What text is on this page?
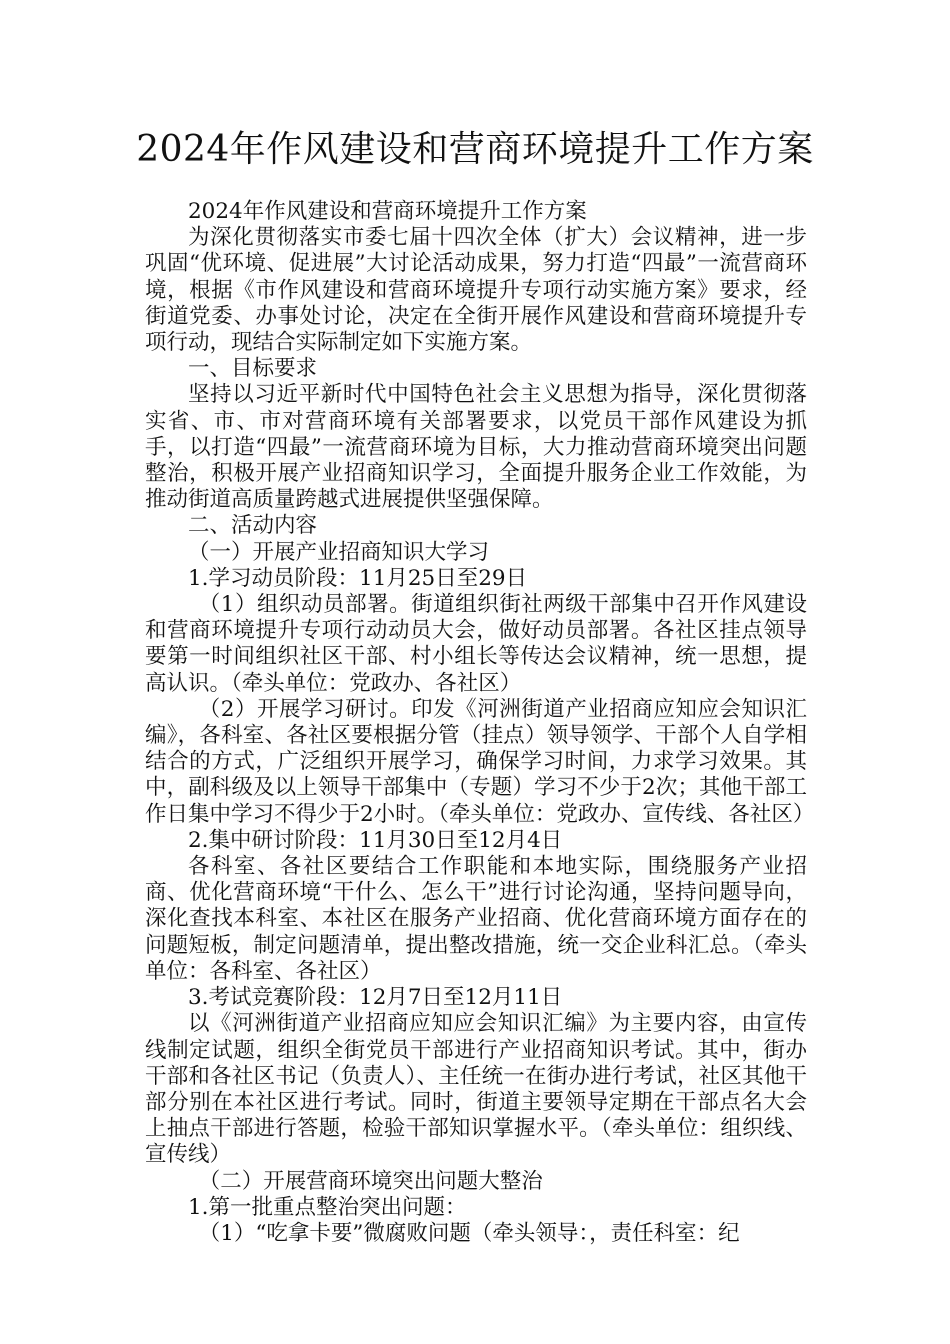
2024年作风建设和营商环境提升工作方案

2024年作风建设和营商环境提升工作方案

为深化贯彻落实市委七届十四次全体（扩大）会议精神，进一步巩固“优环境、促进展”大讨论活动成果，努力打造“四最”一流营商环境，根据《市作风建设和营商环境提升专项行动实施方案》要求，经街道党委、办事处讨论，决定在全街开展作风建设和营商环境提升专项行动，现结合实际制定如下实施方案。

一、目标要求

坚持以习近平新时代中国特色社会主义思想为指导，深化贯彻落实省、市、市对营商环境有关部署要求，以党员干部作风建设为抓手，以打造“四最”一流营商环境为目标，大力推动营商环境突出问题整治，积极开展产业招商知识学习，全面提升服务企业工作效能，为推动街道高质量跨越式进展提供坚强保障。

二、活动内容

（一）开展产业招商知识大学习

1.学习动员阶段：11月25日至29日

（1）组织动员部署。街道组织街社两级干部集中召开作风建设和营商环境提升专项行动动员大会，做好动员部署。各社区挂点领导要第一时间组织社区干部、村小组长等传达会议精神，统一思想，提高认识。（牵头单位：党政办、各社区）

（2）开展学习研讨。印发《河洲街道产业招商应知应会知识汇编》，各科室、各社区要根据分管（挂点）领导领学、干部个人自学相结合的方式，广泛组织开展学习，确保学习时间，力求学习效果。其中，副科级及以上领导干部集中（专题）学习不少于2次；其他干部工作日集中学习不得少于2小时。（牵头单位：党政办、宣传线、各社区）

2.集中研讨阶段：11月30日至12月4日

各科室、各社区要结合工作职能和本地实际，围绕服务产业招商、优化营商环境“干什么、怎么干”进行讨论沟通，坚持问题导向，深化查找本科室、本社区在服务产业招商、优化营商环境方面存在的问题短板，制定问题清单，提出整改措施，统一交企业科汇总。（牵头单位：各科室、各社区）

3.考试竞赛阶段：12月7日至12月11日

以《河洲街道产业招商应知应会知识汇编》为主要内容，由宣传线制定试题，组织全街党员干部进行产业招商知识考试。其中，街办干部和各社区书记（负责人）、主任统一在街办进行考试，社区其他干部分别在本社区进行考试。同时，街道主要领导定期在干部点名大会上抽点干部进行答题，检验干部知识掌握水平。（牵头单位：组织线、宣传线）

（二）开展营商环境突出问题大整治

1.第一批重点整治突出问题：

（1）“吃拿卡要”微腐败问题（牵头领导：，责任科室：纪
